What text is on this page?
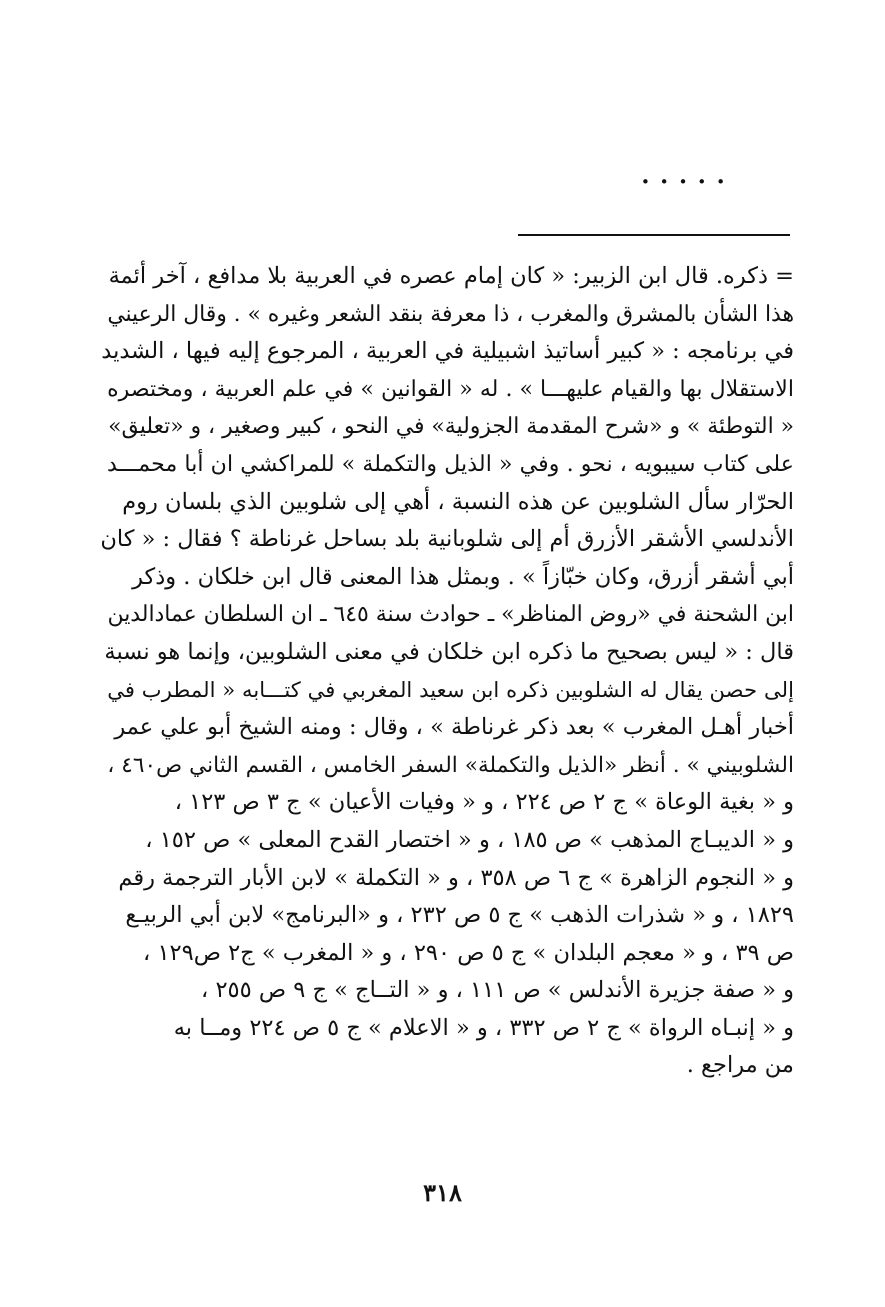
.....
= ذكره. قال ابن الزبير: « كان إمام عصره في العربية بلا مدافع ، آخر أئمة
هذا الشأن بالمشرق والمغرب ، ذا معرفة بنقد الشعر وغيره » . وقال الرعيني
في برنامجه : « كبير أساتيذ اشبيلية في العربية ، المرجوع إليه فيها ، الشديد
الاستقلال بها والقيام عليهـــا » . له « القوانين » في علم العربية ، ومختصره
« التوطئة » و «شرح المقدمة الجزولية» في النحو ، كبير وصغير ، و «تعليق»
على كتاب سيبويه ، نحو . وفي « الذيل والتكملة » للمراكشي ان أبا محمـــد
الحرّار سأل الشلوبين عن هذه النسبة ، أهي إلى شلوبين الذي بلسان روم
الأندلسي الأشقر الأزرق أم إلى شلوبانية بلد بساحل غرناطة ؟ فقال : « كان
أبي أشقر أزرق، وكان خبّازاً » . وبمثل هذا المعنى قال ابن خلكان . وذكر
ابن الشحنة في «روض المناظر» ـ حوادث سنة ٦٤٥ ـ ان السلطان عمادالدين
قال : « ليس بصحيح ما ذكره ابن خلكان في معنى الشلوبين، وإنما هو نسبة
إلى حصن يقال له الشلوبين ذكره ابن سعيد المغربي في كتـــابه « المطرب في
أخبار أهـل المغرب » بعد ذكر غرناطة » ، وقال : ومنه الشيخ أبو علي عمر
الشلوبيني » . أنظر «الذيل والتكملة» السفر الخامس ، القسم الثاني ص٤٦٠ ،
و « بغية الوعاة » ج ٢ ص ٢٢٤ ، و « وفيات الأعيان » ج ٣ ص ١٢٣ ،
و « الديبـاج المذهب » ص ١٨٥ ، و « اختصار القدح المعلى » ص ١٥٢ ،
و « النجوم الزاهرة » ج ٦ ص ٣٥٨ ، و « التكملة » لابن الأبار الترجمة رقم
١٨٢٩ ، و « شذرات الذهب » ج ٥ ص ٢٣٢ ، و «البرنامج» لابن أبي الربيـع
ص ٣٩ ، و « معجم البلدان » ج ٥ ص ٢٩٠ ، و « المغرب » ج٢ ص١٢٩ ،
و « صفة جزيرة الأندلس » ص ١١١ ، و « التــاج » ج ٩ ص ٢٥٥ ،
و « إنبـاه الرواة » ج ٢ ص ٣٣٢ ، و « الاعلام » ج ٥ ص ٢٢٤ ومــا به
من مراجع .
٣١٨
